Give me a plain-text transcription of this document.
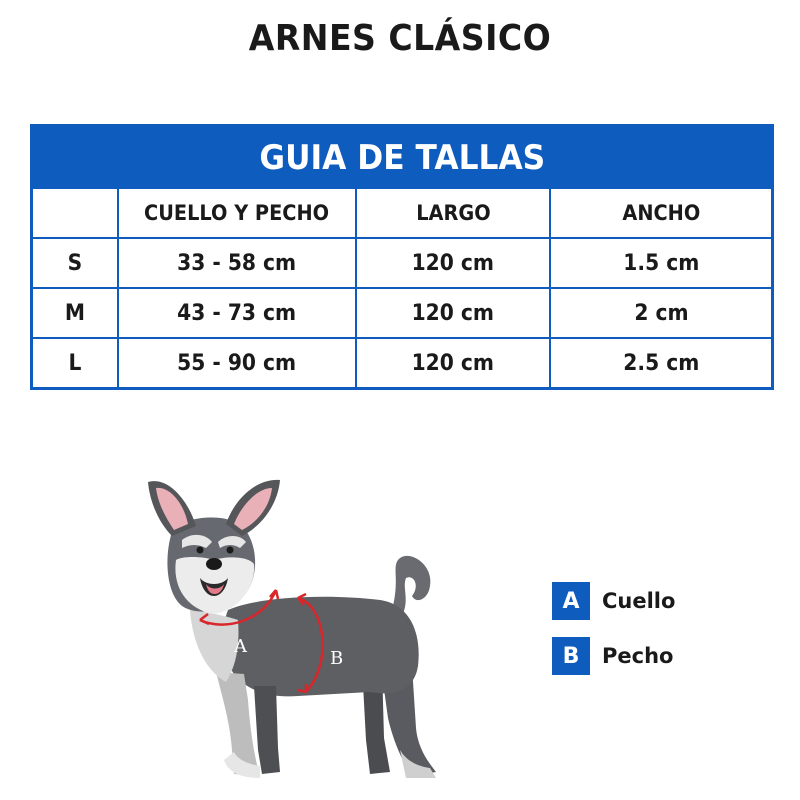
ARNES CLÁSICO
GUIA DE TALLAS
	CUELLO Y PECHO	LARGO	ANCHO
S	33 - 58 cm	120 cm	1.5 cm
M	43 - 73 cm	120 cm	2 cm
L	55 - 90 cm	120 cm	2.5 cm
A
B
A	Cuello
B	Pecho
